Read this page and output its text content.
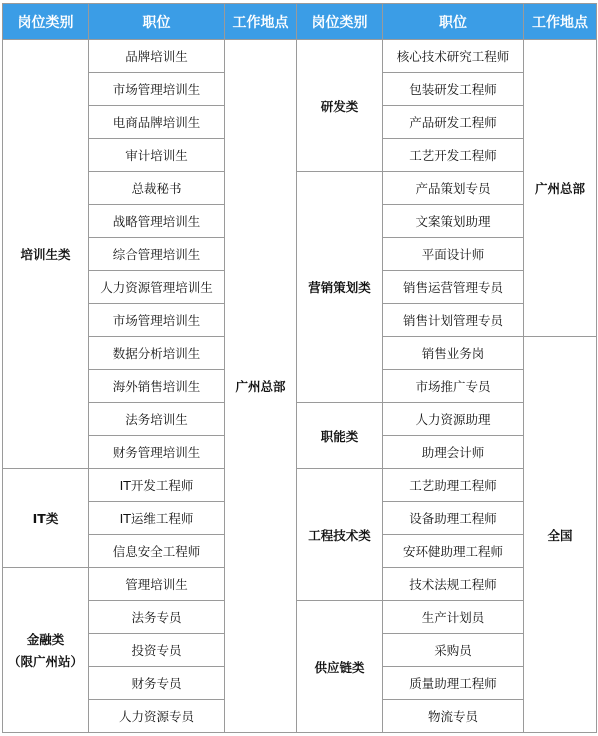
岗位类别	职位	工作地点	岗位类别	职位	工作地点
培训生类	品牌培训生	广州总部	研发类	核心技术研究工程师	广州总部
	市场管理培训生			包装研发工程师	
	电商品牌培训生			产品研发工程师	
	审计培训生			工艺开发工程师	
	总裁秘书		营销策划类	产品策划专员	
	战略管理培训生			文案策划助理	
	综合管理培训生			平面设计师	
	人力资源管理培训生			销售运营管理专员	
	市场管理培训生			销售计划管理专员	
	数据分析培训生			销售业务岗	全国
	海外销售培训生			市场推广专员	
	法务培训生		职能类	人力资源助理	
	财务管理培训生			助理会计师	
IT类	IT开发工程师		工程技术类	工艺助理工程师	
	IT运维工程师			设备助理工程师	
	信息安全工程师			安环健助理工程师	
金融类
（限广州站）	管理培训生			技术法规工程师	
	法务专员		供应链类	生产计划员	
	投资专员			采购员	
	财务专员			质量助理工程师	
	人力资源专员			物流专员	
